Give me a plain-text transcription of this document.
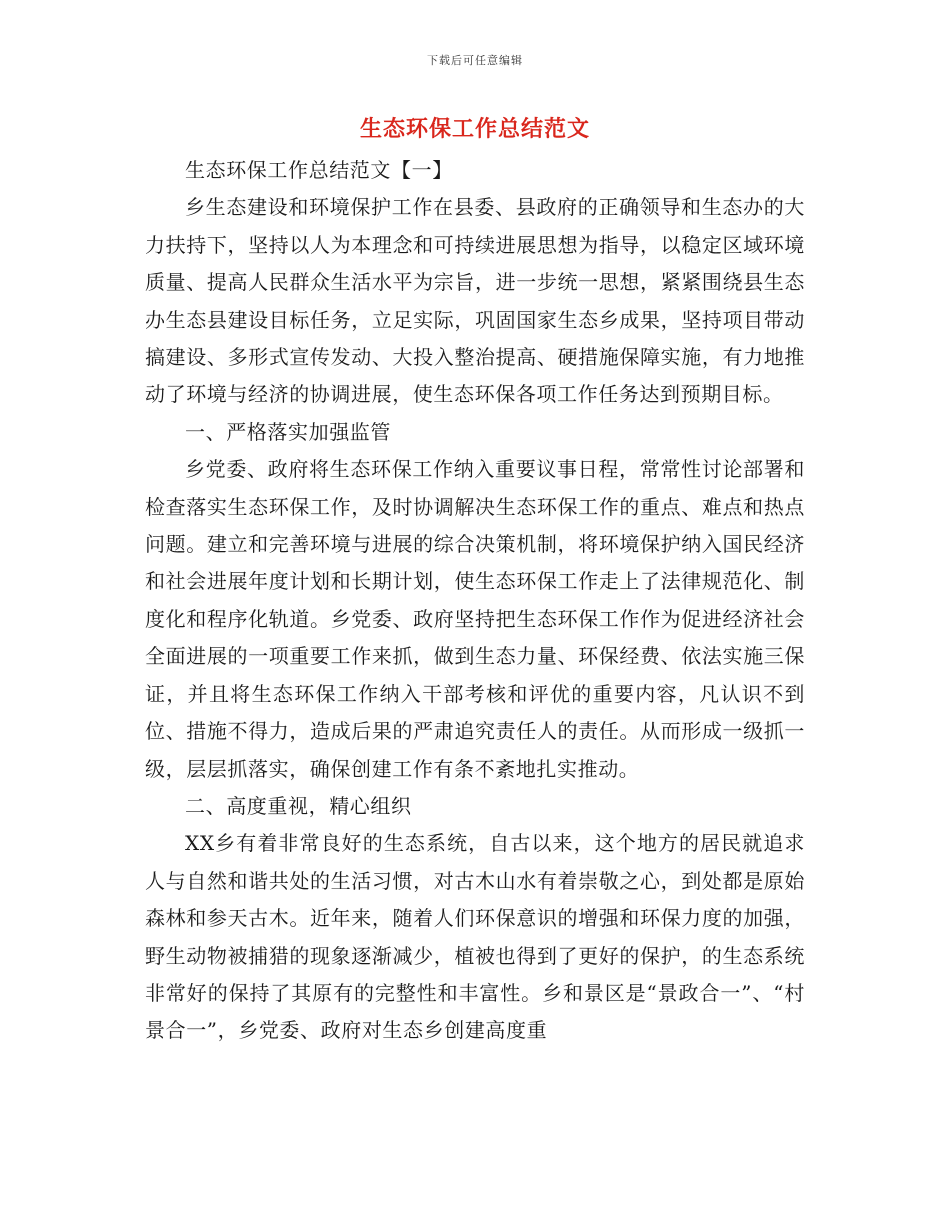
下载后可任意编辑
生态环保工作总结范文

生态环保工作总结范文【一】

乡生态建设和环境保护工作在县委、县政府的正确领导和生态办的大力扶持下，坚持以人为本理念和可持续进展思想为指导，以稳定区域环境质量、提高人民群众生活水平为宗旨，进一步统一思想，紧紧围绕县生态办生态县建设目标任务，立足实际，巩固国家生态乡成果，坚持项目带动搞建设、多形式宣传发动、大投入整治提高、硬措施保障实施，有力地推动了环境与经济的协调进展，使生态环保各项工作任务达到预期目标。

一、严格落实加强监管

乡党委、政府将生态环保工作纳入重要议事日程，常常性讨论部署和检查落实生态环保工作，及时协调解决生态环保工作的重点、难点和热点问题。建立和完善环境与进展的综合决策机制，将环境保护纳入国民经济和社会进展年度计划和长期计划，使生态环保工作走上了法律规范化、制度化和程序化轨道。乡党委、政府坚持把生态环保工作作为促进经济社会全面进展的一项重要工作来抓，做到生态力量、环保经费、依法实施三保证，并且将生态环保工作纳入干部考核和评优的重要内容，凡认识不到位、措施不得力，造成后果的严肃追究责任人的责任。从而形成一级抓一级，层层抓落实，确保创建工作有条不紊地扎实推动。

二、高度重视，精心组织

XX乡有着非常良好的生态系统，自古以来，这个地方的居民就追求人与自然和谐共处的生活习惯，对古木山水有着崇敬之心，到处都是原始森林和参天古木。近年来，随着人们环保意识的增强和环保力度的加强，野生动物被捕猎的现象逐渐减少，植被也得到了更好的保护，的生态系统非常好的保持了其原有的完整性和丰富性。乡和景区是“景政合一”、“村景合一”，乡党委、政府对生态乡创建高度重
